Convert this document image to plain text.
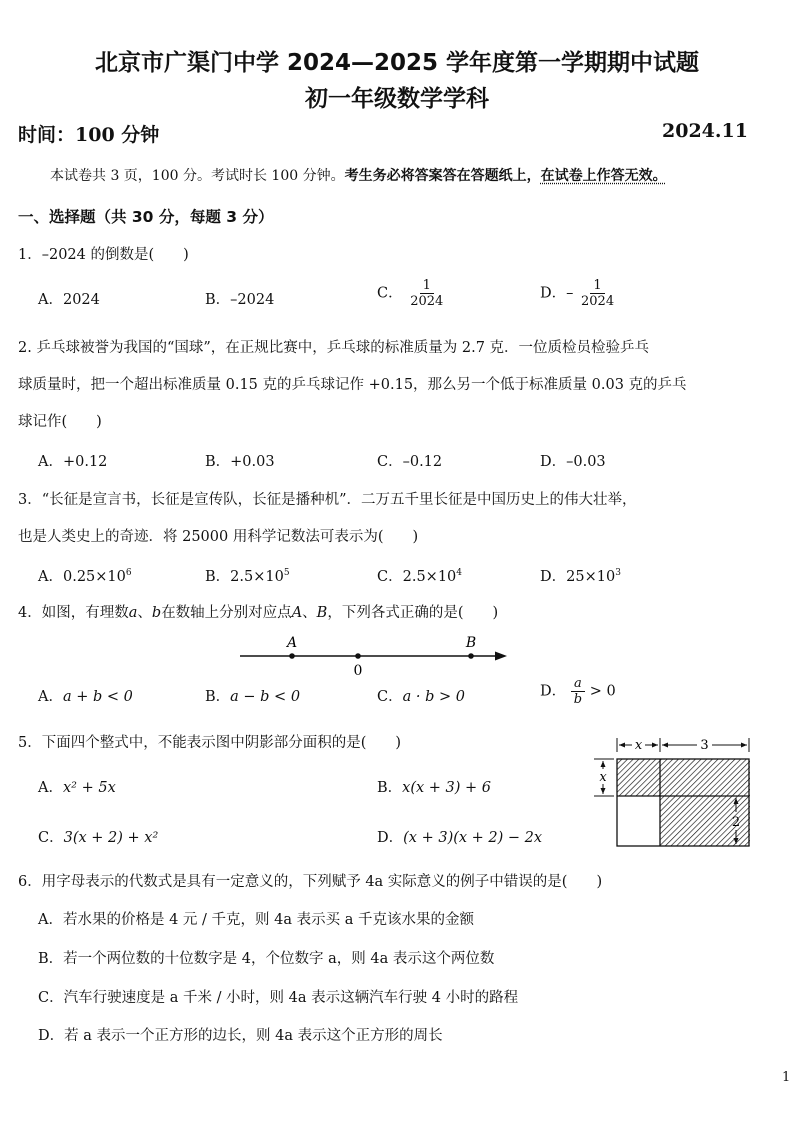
北京市广渠门中学 2024—2025 学年度第一学期期中试题
初一年级数学学科
时间：100 分钟	2024.11
本试卷共 3 页，100 分。考试时长 100 分钟。考生务必将答案答在答题纸上，在试卷上作答无效。
一、选择题（共 30 分，每题 3 分）
1．–2024 的倒数是(　　)
A．2024	B．–2024	C． $\frac{1}{2024}$	D．– $\frac{1}{2024}$
2. 乒乓球被誉为我国的“国球”，在正规比赛中，乒乓球的标准质量为 2.7 克．一位质检员检验乒乓
球质量时，把一个超出标准质量 0.15 克的乒乓球记作 +0.15，那么另一个低于标准质量 0.03 克的乒乓
球记作(　　)
A．+0.12	B．+0.03	C．–0.12	D．–0.03
3．“长征是宣言书，长征是宣传队，长征是播种机”．二万五千里长征是中国历史上的伟大壮举，
也是人类史上的奇迹．将 25000 用科学记数法可表示为(　　)
A．$0.25\times 10^6$	B．$2.5\times 10^5$	C．$2.5\times 10^4$	D．$25\times 10^3$
4．如图，有理数a、b在数轴上分别对应点A、B，下列各式正确的是(　　)
A
0
B
A．a + b < 0	B．a − b < 0	C．a · b > 0	D． $\frac{a}{b} > 0$
5．下面四个整式中，不能表示图中阴影部分面积的是(　　)
A．x² + 5x	B．x(x + 3) + 6
C．3(x + 2) + x²	D．(x + 3)(x + 2) − 2x
x	3
x
2
6．用字母表示的代数式是具有一定意义的，下列赋予 4a 实际意义的例子中错误的是(　　)
A．若水果的价格是 4 元 / 千克，则 4a 表示买 a 千克该水果的金额
B．若一个两位数的十位数字是 4，个位数字 a，则 4a 表示这个两位数
C．汽车行驶速度是 a 千米 / 小时，则 4a 表示这辆汽车行驶 4 小时的路程
D．若 a 表示一个正方形的边长，则 4a 表示这个正方形的周长
1
